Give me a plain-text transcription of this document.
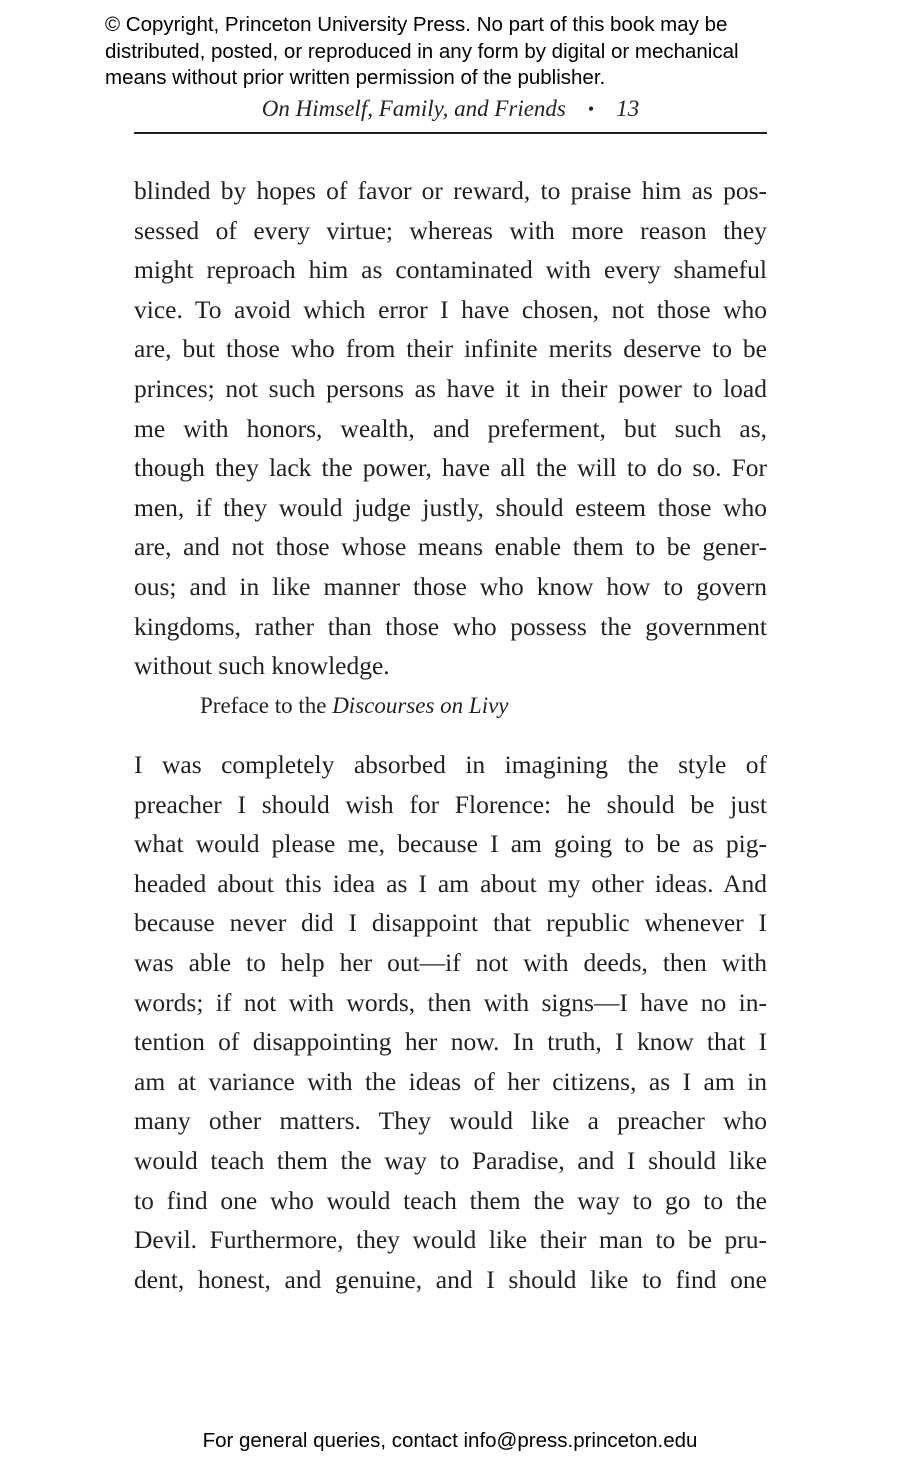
© Copyright, Princeton University Press. No part of this book may be
distributed, posted, or reproduced in any form by digital or mechanical
means without prior written permission of the publisher.
On Himself, Family, and Friends • 13
blinded by hopes of favor or reward, to praise him as pos-
sessed of every virtue; whereas with more reason they
might reproach him as contaminated with every shameful
vice. To avoid which error I have chosen, not those who
are, but those who from their infinite merits deserve to be
princes; not such persons as have it in their power to load
me with honors, wealth, and preferment, but such as,
though they lack the power, have all the will to do so. For
men, if they would judge justly, should esteem those who
are, and not those whose means enable them to be gener-
ous; and in like manner those who know how to govern
kingdoms, rather than those who possess the government
without such knowledge.
Preface to the Discourses on Livy
I was completely absorbed in imagining the style of
preacher I should wish for Florence: he should be just
what would please me, because I am going to be as pig-
headed about this idea as I am about my other ideas. And
because never did I disappoint that republic whenever I
was able to help her out—if not with deeds, then with
words; if not with words, then with signs—I have no in-
tention of disappointing her now. In truth, I know that I
am at variance with the ideas of her citizens, as I am in
many other matters. They would like a preacher who
would teach them the way to Paradise, and I should like
to find one who would teach them the way to go to the
Devil. Furthermore, they would like their man to be pru-
dent, honest, and genuine, and I should like to find one
For general queries, contact info@press.princeton.edu
